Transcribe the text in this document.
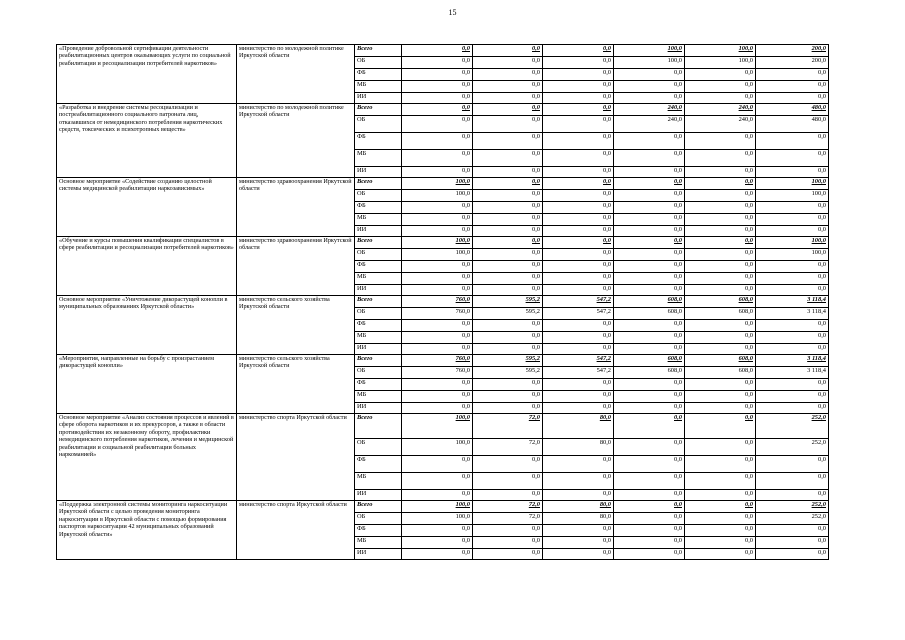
15
«Проведение добровольной сертификации деятельности реабилитационных центров оказывающих услуги по социальной реабилитации и ресоциализации потребителей наркотиков»	министерство по молодежной политике Иркутской области	Всего	0,0	0,0	0,0	100,0	100,0	200,0
		ОБ	0,0	0,0	0,0	100,0	100,0	200,0
		ФБ	0,0	0,0	0,0	0,0	0,0	0,0
		МБ	0,0	0,0	0,0	0,0	0,0	0,0
		ИИ	0,0	0,0	0,0	0,0	0,0	0,0
«Разработка и внедрение системы ресоциализации и постреабилитационного социального патроната лиц, отказавшихся от немедицинского потребления наркотических средств, токсических и психотропных веществ»	министерство по молодежной политике Иркутской области	Всего	0,0	0,0	0,0	240,0	240,0	480,0
		ОБ	0,0	0,0	0,0	240,0	240,0	480,0
		ФБ	0,0	0,0	0,0	0,0	0,0	0,0
		МБ	0,0	0,0	0,0	0,0	0,0	0,0
		ИИ	0,0	0,0	0,0	0,0	0,0	0,0
Основное мероприятие «Содействие созданию целостной системы медицинской реабилитации наркозависимых»	министерство здравоохранения Иркутской области	Всего	100,0	0,0	0,0	0,0	0,0	100,0
		ОБ	100,0	0,0	0,0	0,0	0,0	100,0
		ФБ	0,0	0,0	0,0	0,0	0,0	0,0
		МБ	0,0	0,0	0,0	0,0	0,0	0,0
		ИИ	0,0	0,0	0,0	0,0	0,0	0,0
«Обучение и курсы повышения квалификации специалистов в сфере реабилитации и ресоциализации потребителей наркотиков»	министерство здравоохранения Иркутской области	Всего	100,0	0,0	0,0	0,0	0,0	100,0
		ОБ	100,0	0,0	0,0	0,0	0,0	100,0
		ФБ	0,0	0,0	0,0	0,0	0,0	0,0
		МБ	0,0	0,0	0,0	0,0	0,0	0,0
		ИИ	0,0	0,0	0,0	0,0	0,0	0,0
Основное мероприятие «Уничтожение дикорастущей конопли в муниципальных образованиях Иркутской области»	министерство сельского хозяйства Иркутской области	Всего	760,0	595,2	547,2	608,0	608,0	3 118,4
		ОБ	760,0	595,2	547,2	608,0	608,0	3 118,4
		ФБ	0,0	0,0	0,0	0,0	0,0	0,0
		МБ	0,0	0,0	0,0	0,0	0,0	0,0
		ИИ	0,0	0,0	0,0	0,0	0,0	0,0
«Мероприятия, направленные на борьбу с произрастанием дикорастущей конопли»	министерство сельского хозяйства Иркутской области	Всего	760,0	595,2	547,2	608,0	608,0	3 118,4
		ОБ	760,0	595,2	547,2	608,0	608,0	3 118,4
		ФБ	0,0	0,0	0,0	0,0	0,0	0,0
		МБ	0,0	0,0	0,0	0,0	0,0	0,0
		ИИ	0,0	0,0	0,0	0,0	0,0	0,0
Основное мероприятие «Анализ состояния процессов и явлений в сфере оборота наркотиков и их прекурсоров, а также в области противодействия их незаконному обороту, профилактики немедицинского потребления наркотиков, лечения и медицинской реабилитации и социальной реабилитации больных наркоманией»	министерство спорта Иркутской области	Всего	100,0	72,0	80,0	0,0	0,0	252,0
		ОБ	100,0	72,0	80,0	0,0	0,0	252,0
		ФБ	0,0	0,0	0,0	0,0	0,0	0,0
		МБ	0,0	0,0	0,0	0,0	0,0	0,0
		ИИ	0,0	0,0	0,0	0,0	0,0	0,0
«Поддержка электронной системы мониторинга наркоситуации Иркутской области с целью проведения мониторинга наркоситуации в Иркутской области с помощью формирования паспортов наркоситуации 42 муниципальных образований Иркутской области»	министерство спорта Иркутской области	Всего	100,0	72,0	80,0	0,0	0,0	252,0
		ОБ	100,0	72,0	80,0	0,0	0,0	252,0
		ФБ	0,0	0,0	0,0	0,0	0,0	0,0
		МБ	0,0	0,0	0,0	0,0	0,0	0,0
		ИИ	0,0	0,0	0,0	0,0	0,0	0,0
